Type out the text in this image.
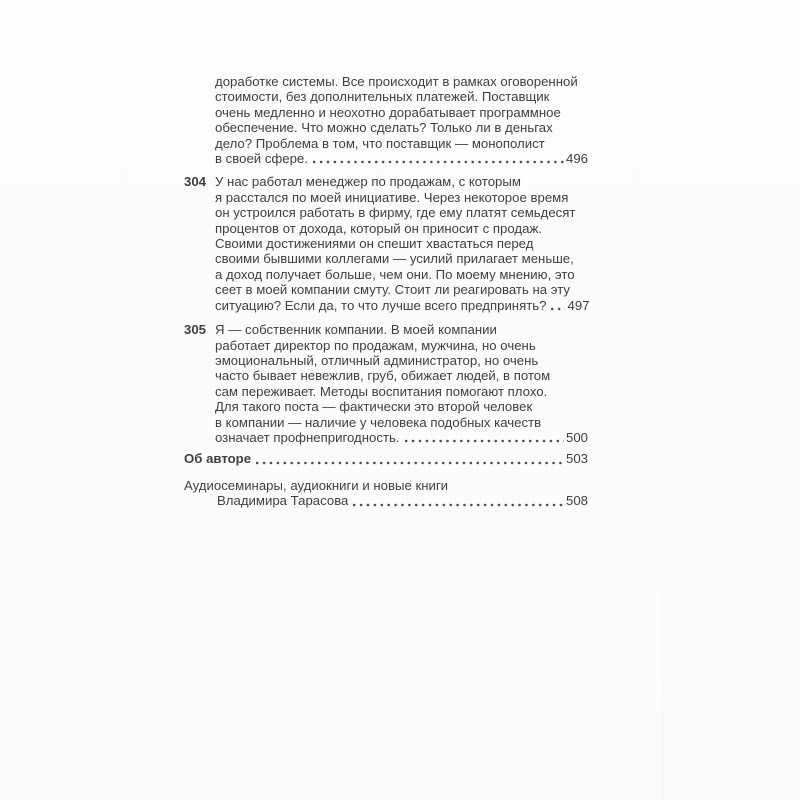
доработке системы. Все происходит в рамках оговоренной
стоимости, без дополнительных платежей. Поставщик
очень медленно и неохотно дорабатывает программное
обеспечение. Что можно сделать? Только ли в деньгах
дело? Проблема в том, что поставщик — монополист
в своей сфере.	496
304 У нас работал менеджер по продажам, с которым
я расстался по моей инициативе. Через некоторое время
он устроился работать в фирму, где ему платят семьдесят
процентов от дохода, который он приносит с продаж.
Своими достижениями он спешит хвастаться перед
своими бывшими коллегами — усилий прилагает меньше,
а доход получает больше, чем они. По моему мнению, это
сеет в моей компании смуту. Стоит ли реагировать на эту
ситуацию? Если да, то что лучше всего предпринять? 497
305 Я — собственник компании. В моей компании
работает директор по продажам, мужчина, но очень
эмоциональный, отличный администратор, но очень
часто бывает невежлив, груб, обижает людей, в потом
сам переживает. Методы воспитания помогают плохо.
Для такого поста — фактически это второй человек
в компании — наличие у человека подобных качеств
означает профнепригодность.	500
Об авторе	503
Аудиосеминары, аудиокниги и новые книги
Владимира Тарасова	508
